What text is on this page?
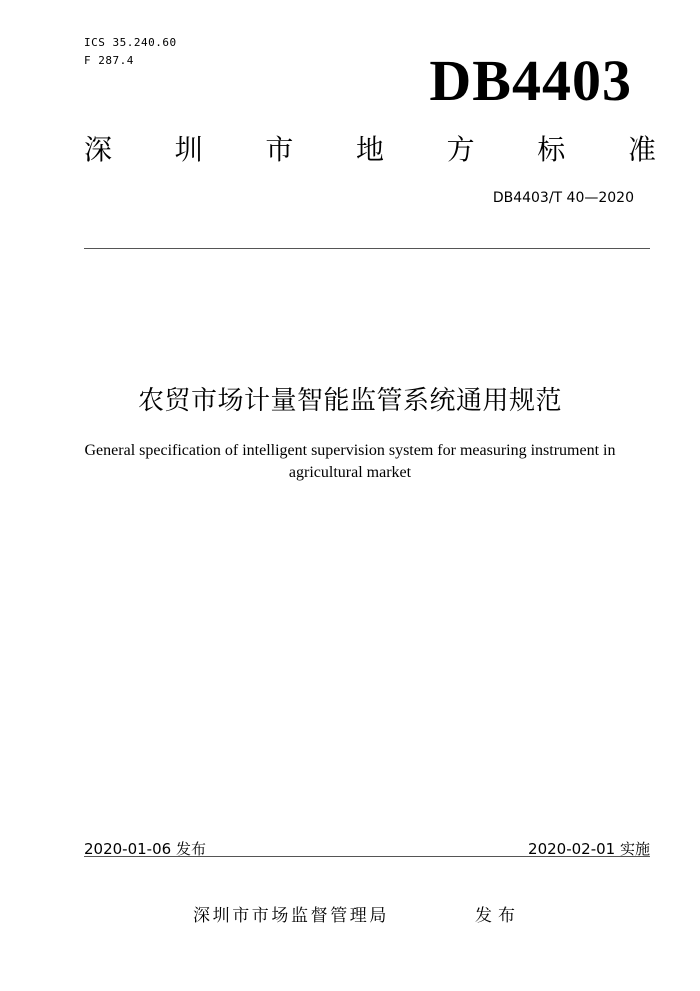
ICS 35.240.60
F 287.4	DB4403
深 圳 市 地 方 标 准
DB4403/T 40—2020
农贸市场计量智能监管系统通用规范
General specification of intelligent supervision system for measuring instrument in agricultural market
2020-01-06 发布	2020-02-01 实施
深圳市市场监督管理局	发布
